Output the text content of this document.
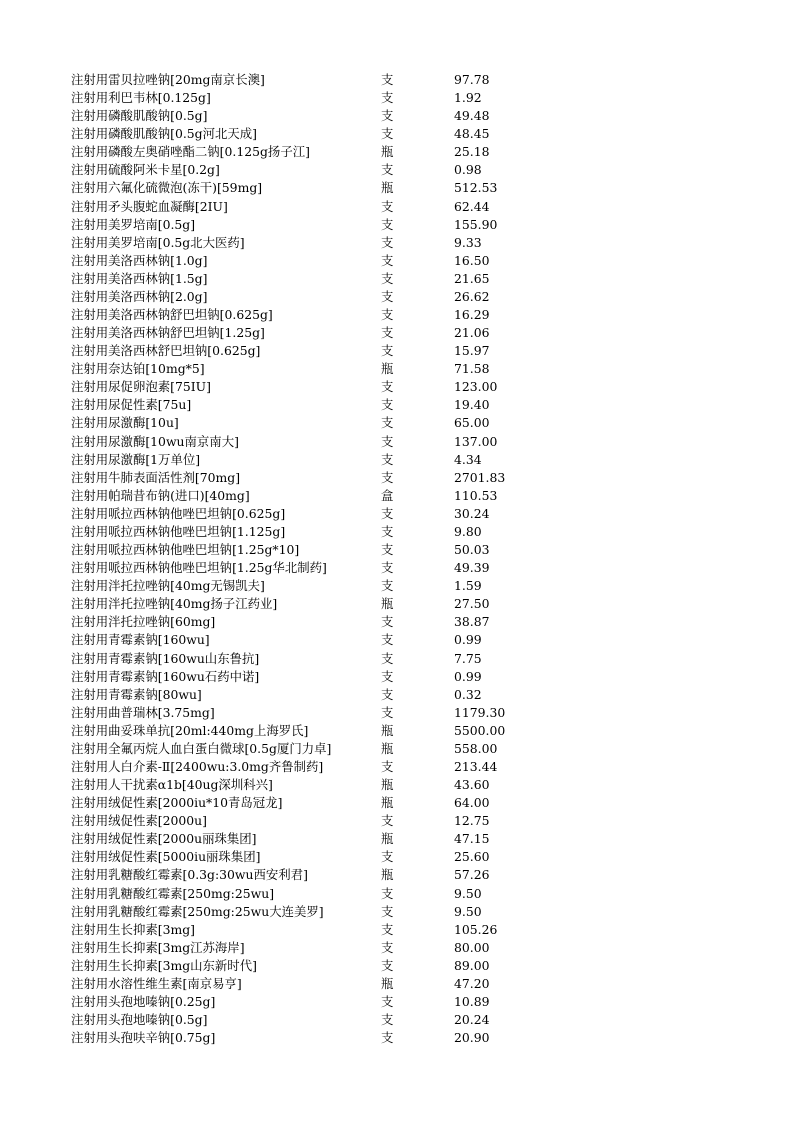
注射用雷贝拉唑钠[20mg南京长澳]	支	97.78
注射用利巴韦林[0.125g]	支	1.92
注射用磷酸肌酸钠[0.5g]	支	49.48
注射用磷酸肌酸钠[0.5g河北天成]	支	48.45
注射用磷酸左奥硝唑酯二钠[0.125g扬子江]	瓶	25.18
注射用硫酸阿米卡星[0.2g]	支	0.98
注射用六氟化硫微泡(冻干)[59mg]	瓶	512.53
注射用矛头腹蛇血凝酶[2IU]	支	62.44
注射用美罗培南[0.5g]	支	155.90
注射用美罗培南[0.5g北大医药]	支	9.33
注射用美洛西林钠[1.0g]	支	16.50
注射用美洛西林钠[1.5g]	支	21.65
注射用美洛西林钠[2.0g]	支	26.62
注射用美洛西林钠舒巴坦钠[0.625g]	支	16.29
注射用美洛西林钠舒巴坦钠[1.25g]	支	21.06
注射用美洛西林舒巴坦钠[0.625g]	支	15.97
注射用奈达铂[10mg*5]	瓶	71.58
注射用尿促卵泡素[75IU]	支	123.00
注射用尿促性素[75u]	支	19.40
注射用尿激酶[10u]	支	65.00
注射用尿激酶[10wu南京南大]	支	137.00
注射用尿激酶[1万单位]	支	4.34
注射用牛肺表面活性剂[70mg]	支	2701.83
注射用帕瑞昔布钠(进口)[40mg]	盒	110.53
注射用哌拉西林钠他唑巴坦钠[0.625g]	支	30.24
注射用哌拉西林钠他唑巴坦钠[1.125g]	支	9.80
注射用哌拉西林钠他唑巴坦钠[1.25g*10]	支	50.03
注射用哌拉西林钠他唑巴坦钠[1.25g华北制药]	支	49.39
注射用泮托拉唑钠[40mg无锡凯夫]	支	1.59
注射用泮托拉唑钠[40mg扬子江药业]	瓶	27.50
注射用泮托拉唑钠[60mg]	支	38.87
注射用青霉素钠[160wu]	支	0.99
注射用青霉素钠[160wu山东鲁抗]	支	7.75
注射用青霉素钠[160wu石药中诺]	支	0.99
注射用青霉素钠[80wu]	支	0.32
注射用曲普瑞林[3.75mg]	支	1179.30
注射用曲妥珠单抗[20ml:440mg上海罗氏]	瓶	5500.00
注射用全氟丙烷人血白蛋白微球[0.5g厦门力卓]	瓶	558.00
注射用人白介素-Ⅱ[2400wu:3.0mg齐鲁制药]	支	213.44
注射用人干扰素α1b[40ug深圳科兴]	瓶	43.60
注射用绒促性素[2000iu*10青岛冠龙]	瓶	64.00
注射用绒促性素[2000u]	支	12.75
注射用绒促性素[2000u丽珠集团]	瓶	47.15
注射用绒促性素[5000iu丽珠集团]	支	25.60
注射用乳糖酸红霉素[0.3g:30wu西安利君]	瓶	57.26
注射用乳糖酸红霉素[250mg:25wu]	支	9.50
注射用乳糖酸红霉素[250mg:25wu大连美罗]	支	9.50
注射用生长抑素[3mg]	支	105.26
注射用生长抑素[3mg江苏海岸]	支	80.00
注射用生长抑素[3mg山东新时代]	支	89.00
注射用水溶性维生素[南京易亨]	瓶	47.20
注射用头孢地嗪钠[0.25g]	支	10.89
注射用头孢地嗪钠[0.5g]	支	20.24
注射用头孢呋辛钠[0.75g]	支	20.90
